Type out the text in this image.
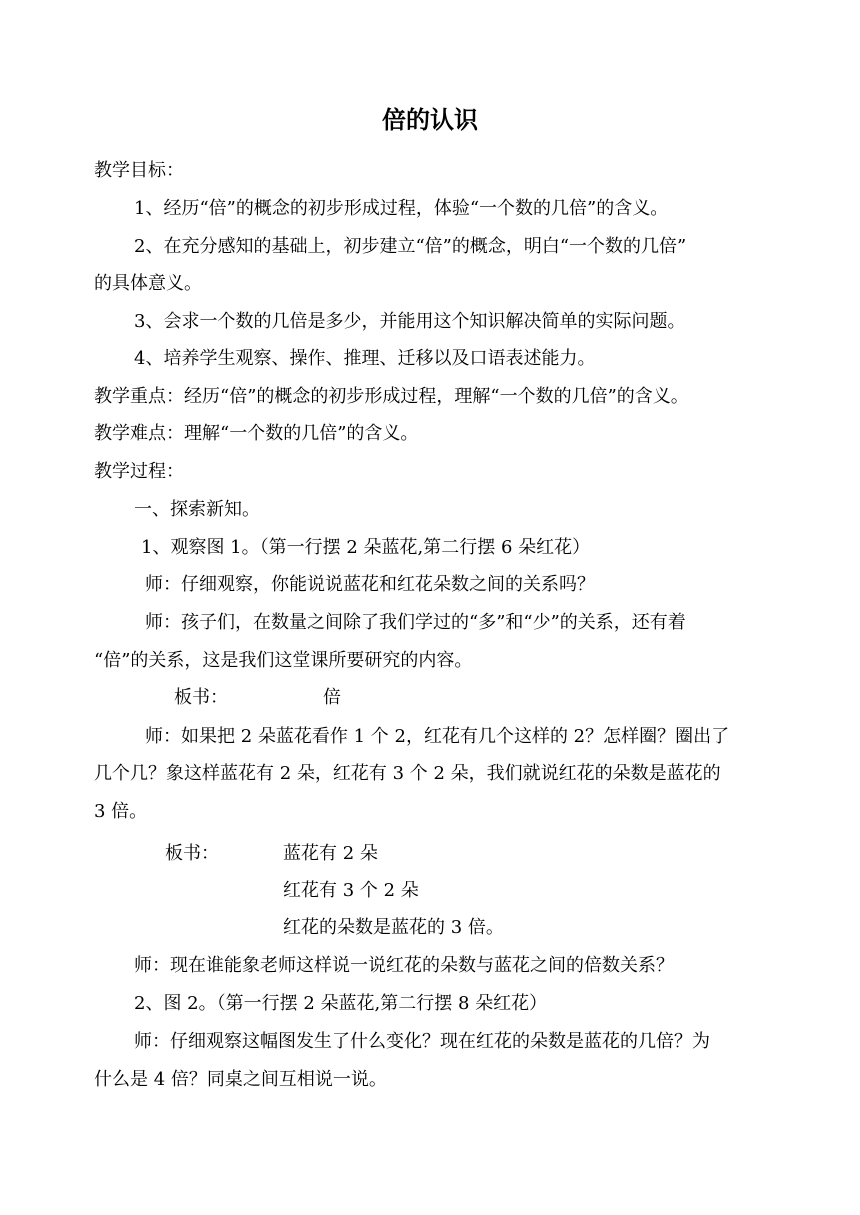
倍的认识

教学目标：

1、经历“倍”的概念的初步形成过程，体验“一个数的几倍”的含义。

2、在充分感知的基础上，初步建立“倍”的概念，明白“一个数的几倍”

的具体意义。

3、会求一个数的几倍是多少，并能用这个知识解决简单的实际问题。

4、培养学生观察、操作、推理、迁移以及口语表述能力。

教学重点：经历“倍”的概念的初步形成过程，理解“一个数的几倍”的含义。

教学难点：理解“一个数的几倍”的含义。

教学过程：

一、探索新知。

1、观察图 1。（第一行摆 2 朵蓝花,第二行摆 6 朵红花）

师：仔细观察，你能说说蓝花和红花朵数之间的关系吗？

师：孩子们，在数量之间除了我们学过的“多”和“少”的关系，还有着

“倍”的关系，这是我们这堂课所要研究的内容。

板书：	倍

师：如果把 2 朵蓝花看作 1 个 2，红花有几个这样的 2？怎样圈？圈出了

几个几？象这样蓝花有 2 朵，红花有 3 个 2 朵，我们就说红花的朵数是蓝花的

3 倍。

板书：	蓝花有 2 朵

红花有 3 个 2 朵

红花的朵数是蓝花的 3 倍。

师：现在谁能象老师这样说一说红花的朵数与蓝花之间的倍数关系？

2、图 2。（第一行摆 2 朵蓝花,第二行摆 8 朵红花）

师：仔细观察这幅图发生了什么变化？现在红花的朵数是蓝花的几倍？为

什么是 4 倍？同桌之间互相说一说。
